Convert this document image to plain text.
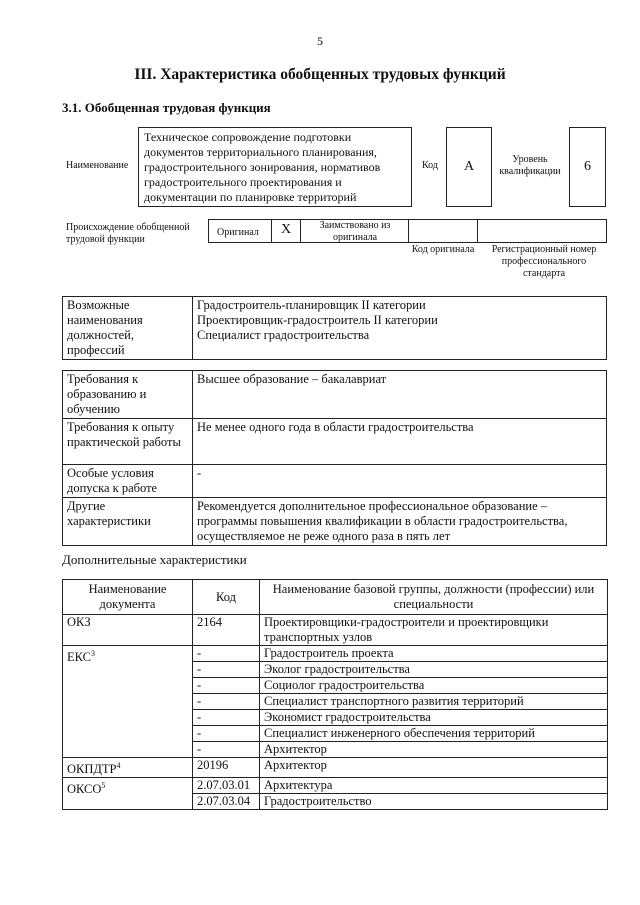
5
III. Характеристика обобщенных трудовых функций
3.1. Обобщенная трудовая функция
Наименование
Техническое сопровождение подготовки документов территориального планирования, градостроительного зонирования, нормативов градостроительного проектирования и документации по планировке территорий
Код	А	Уровень квалификации	6
Происхождение обобщенной трудовой функции
Оригинал	Х	Заимствовано из оригинала
Код оригинала	Регистрационный номер профессионального стандарта
Возможные наименования должностей, профессий	
Градостроитель-планировщик II категории
Проектировщик-градостроитель II категории
Специалист градостроительства
Требования к образованию и обучению	Высшее образование – бакалавриат
Требования к опыту практической работы	Не менее одного года в области градостроительства
Особые условия допуска к работе	-
Другие характеристики	Рекомендуется дополнительное профессиональное образование – программы повышения квалификации в области градостроительства, осуществляемое не реже одного раза в пять лет
Дополнительные характеристики
Наименование документа	Код	Наименование базовой группы, должности (профессии) или специальности
ОКЗ	2164	Проектировщики-градостроители и проектировщики транспортных узлов
ЕКС$^3$	-	Градостроитель проекта
	-	Эколог градостроительства
	-	Социолог градостроительства
	-	Специалист транспортного развития территорий
	-	Экономист градостроительства
	-	Специалист инженерного обеспечения территорий
	-	Архитектор
ОКПДТР$^4$	20196	Архитектор
ОКСО$^5$	2.07.03.01	Архитектура
	2.07.03.04	Градостроительство
